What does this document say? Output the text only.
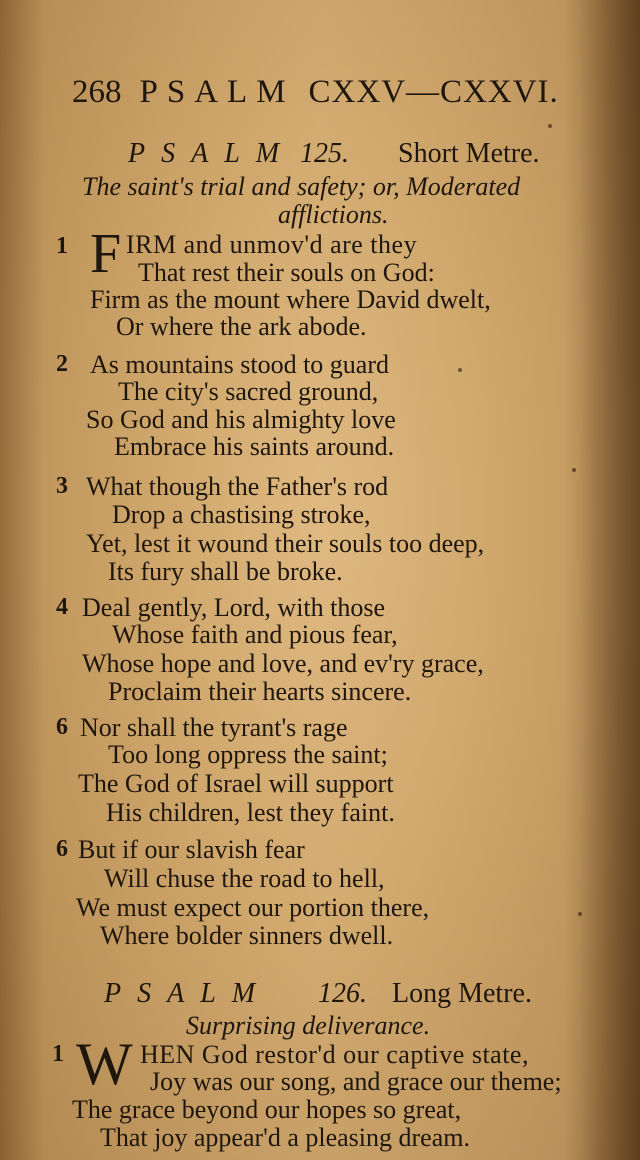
268 PSALM CXXV—CXXVI.
PSALM 125. Short Metre.
The saint's trial and safety; or, Moderated
afflictions.
1 F IRM and unmov'd are they
That rest their souls on God:
Firm as the mount where David dwelt,
Or where the ark abode.
2 As mountains stood to guard
The city's sacred ground,
So God and his almighty love
Embrace his saints around.
3 What though the Father's rod
Drop a chastising stroke,
Yet, lest it wound their souls too deep,
Its fury shall be broke.
4 Deal gently, Lord, with those
Whose faith and pious fear,
Whose hope and love, and ev'ry grace,
Proclaim their hearts sincere.
6 Nor shall the tyrant's rage
Too long oppress the saint;
The God of Israel will support
His children, lest they faint.
6 But if our slavish fear
Will chuse the road to hell,
We must expect our portion there,
Where bolder sinners dwell.
PSALM 126. Long Metre.
Surprising deliverance.
1 W HEN God restor'd our captive state,
Joy was our song, and grace our theme;
The grace beyond our hopes so great,
That joy appear'd a pleasing dream.
